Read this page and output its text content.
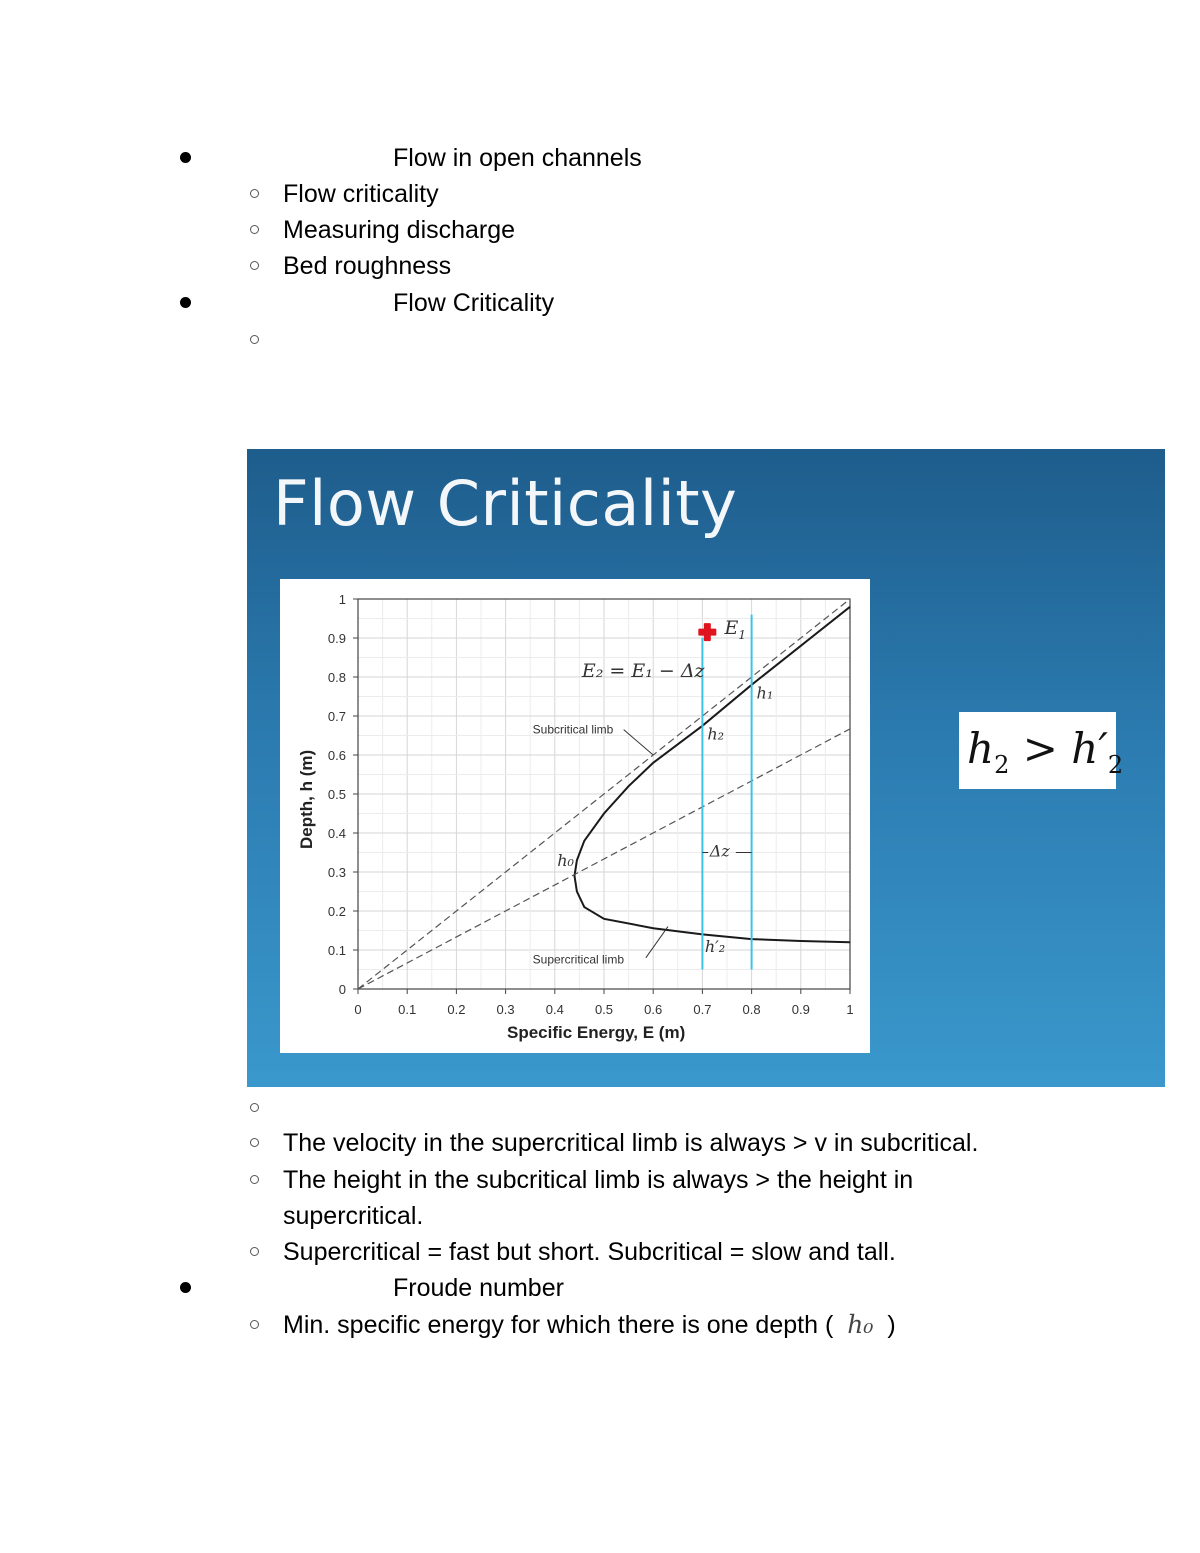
Flow in open channels
Flow criticality
Measuring discharge
Bed roughness
Flow Criticality
Flow Criticality
0	0.1 0.2 0.3 0.4 0.5 0.6 0.7 0.8 0.9	1
0
0.1
0.2
0.3
0.4
0.5
0.6
0.7
0.8
0.9
1
Specific Energy, E (m)
Depth, h (m)
$E_1$
E₂ = E₁ − Δz
h₁
h₂
h′₂
h₀
Δz
Subcritical limb
Supercritical limb
$h_2 > h'_2$
The velocity in the supercritical limb is always > v in subcritical.
The height in the subcritical limb is always > the height in
supercritical.
Supercritical = fast but short. Subcritical = slow and tall.
Froude number
Min. specific energy for which there is one depth ( h₀ )
